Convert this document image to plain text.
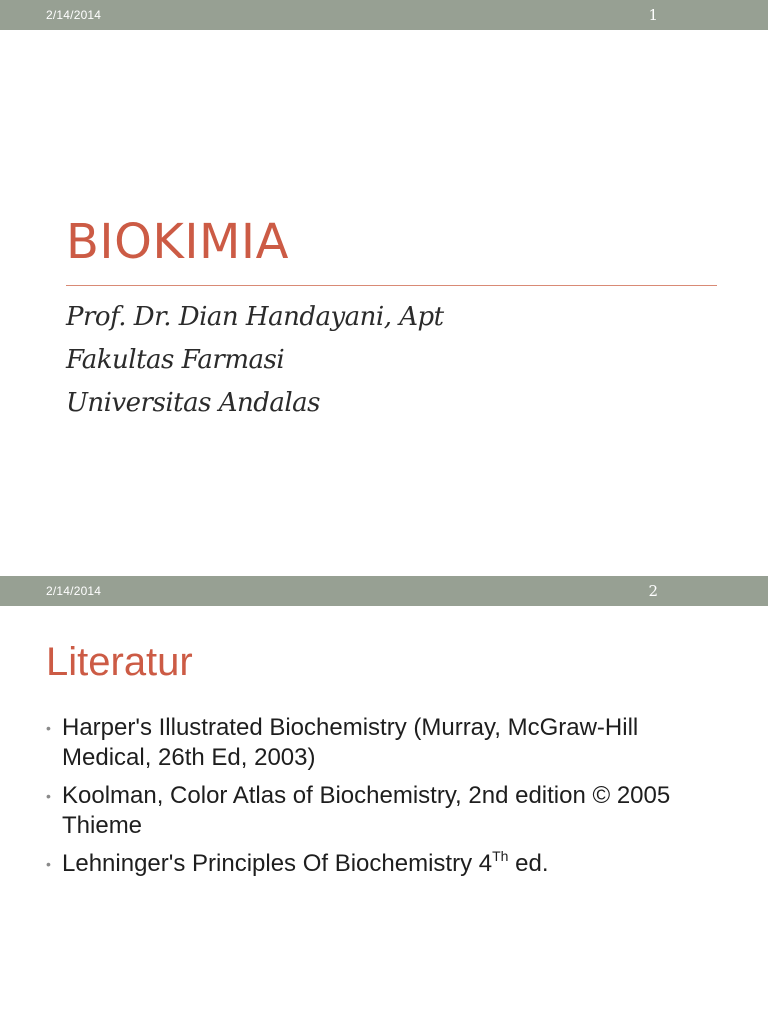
2/14/2014	1
BIOKIMIA
Prof. Dr. Dian Handayani, Apt
Fakultas Farmasi
Universitas Andalas
2/14/2014	2
Literatur
• Harper's Illustrated Biochemistry (Murray, McGraw-Hill Medical, 26th Ed, 2003)
• Koolman, Color Atlas of Biochemistry, 2nd edition © 2005 Thieme
• Lehninger's Principles Of Biochemistry 4Th ed.
